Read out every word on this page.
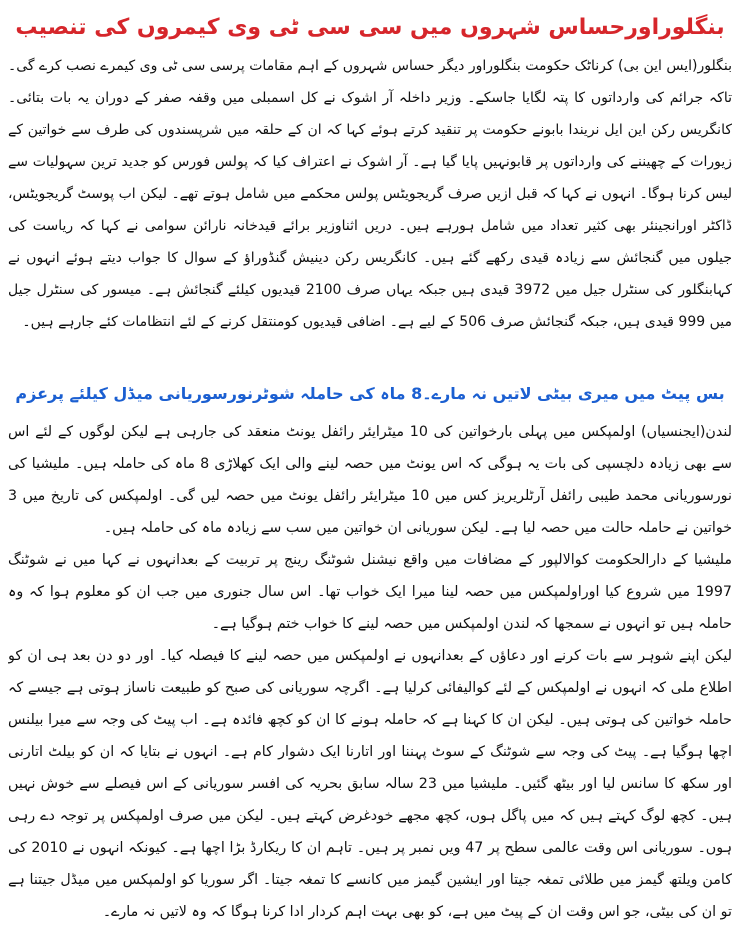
بنگلوراورحساس شہروں میں سی سی ٹی وی کیمروں کی تنصیب

بنگلور(ایس این بی) کرناٹک حکومت بنگلوراور دیگر حساس شہروں کے اہم مقامات پرسی سی ٹی وی کیمرے نصب کرے گی۔ تاکہ جرائم کی وارداتوں کا پتہ لگایا جاسکے۔ وزیر داخلہ آر اشوک نے کل اسمبلی میں وقفہ صفر کے دوران یہ بات بتائی۔ کانگریس رکن این ایل نریندا بابونے حکومت پر تنقید کرتے ہوئے کہا کہ ان کے حلقہ میں شرپسندوں کی طرف سے خواتین کے زیورات کے چھیننے کی وارداتوں پر قابونہیں پایا گیا ہے۔ آر اشوک نے اعتراف کیا کہ پولس فورس کو جدید ترین سہولیات سے لیس کرنا ہوگا۔ انہوں نے کہا کہ قبل ازیں صرف گریجویٹس پولس محکمے میں شامل ہوتے تھے۔ لیکن اب پوسٹ گریجویٹس، ڈاکٹر اورانجینئر بھی کثیر تعداد میں شامل ہورہے ہیں۔ دریں اثناوزیر برائے قیدخانہ نارائن سوامی نے کہا کہ ریاست کی جیلوں میں گنجائش سے زیادہ قیدی رکھے گئے ہیں۔ کانگریس رکن دینیش گنڈوراؤ کے سوال کا جواب دیتے ہوئے انہوں نے کہابنگلور کی سنٹرل جیل میں 3972 قیدی ہیں جبکہ یہاں صرف 2100 قیدیوں کیلئے گنجائش ہے۔ میسور کی سنٹرل جیل میں 999 قیدی ہیں، جبکہ گنجائش صرف 506 کے لیے ہے۔ اضافی قیدیوں کومنتقل کرنے کے لئے انتظامات کئے جارہے ہیں۔

بس پیٹ میں میری بیٹی لاتیں نہ مارے۔8 ماہ کی حاملہ شوٹرنورسوریانی میڈل کیلئے پرعزم

لندن(ایجنسیاں) اولمپکس میں پہلی بارخواتین کی 10 میٹرایئر رائفل یونٹ منعقد کی جارہی ہے لیکن لوگوں کے لئے اس سے بھی زیادہ دلچسپی کی بات یہ ہوگی کہ اس یونٹ میں حصہ لینے والی ایک کھلاڑی 8 ماہ کی حاملہ ہیں۔ ملیشیا کی نورسوریانی محمد طیبی رائفل آرٹلریریز کس میں 10 میٹرایئر رائفل یونٹ میں حصہ لیں گی۔ اولمپکس کی تاریخ میں 3 خواتین نے حاملہ حالت میں حصہ لیا ہے۔ لیکن سوریانی ان خواتین میں سب سے زیادہ ماہ کی حاملہ ہیں۔

ملیشیا کے دارالحکومت کوالالپور کے مضافات میں واقع نیشنل شوٹنگ رینج پر تربیت کے بعدانہوں نے کہا میں نے شوٹنگ 1997 میں شروع کیا اوراولمپکس میں حصہ لینا میرا ایک خواب تھا۔ اس سال جنوری میں جب ان کو معلوم ہوا کہ وہ حاملہ ہیں تو انہوں نے سمجھا کہ لندن اولمپکس میں حصہ لینے کا خواب ختم ہوگیا ہے۔

لیکن اپنے شوہر سے بات کرنے اور دعاؤں کے بعدانہوں نے اولمپکس میں حصہ لینے کا فیصلہ کیا۔ اور دو دن بعد ہی ان کو اطلاع ملی کہ انہوں نے اولمپکس کے لئے کوالیفائی کرلیا ہے۔ اگرچہ سوریانی کی صبح کو طبیعت ناساز ہوتی ہے جیسے کہ حاملہ خواتین کی ہوتی ہیں۔ لیکن ان کا کہنا ہے کہ حاملہ ہونے کا ان کو کچھ فائدہ ہے۔ اب پیٹ کی وجہ سے میرا بیلنس اچھا ہوگیا ہے۔ پیٹ کی وجہ سے شوٹنگ کے سوٹ پہننا اور اتارنا ایک دشوار کام ہے۔ انہوں نے بتایا کہ ان کو بیلٹ اتارنی اور سکھ کا سانس لیا اور بیٹھ گئیں۔ ملیشیا میں 23 سالہ سابق بحریہ کی افسر سوریانی کے اس فیصلے سے خوش نہیں ہیں۔ کچھ لوگ کہتے ہیں کہ میں پاگل ہوں، کچھ مجھے خودغرض کہتے ہیں۔ لیکن میں صرف اولمپکس پر توجہ دے رہی ہوں۔ سوریانی اس وقت عالمی سطح پر 47 ویں نمبر پر ہیں۔ تاہم ان کا ریکارڈ بڑا اچھا ہے۔ کیونکہ انہوں نے 2010 کی کامن ویلتھ گیمز میں طلائی تمغہ جیتا اور ایشین گیمز میں کانسے کا تمغہ جیتا۔ اگر سوریا کو اولمپکس میں میڈل جیتنا ہے تو ان کی بیٹی، جو اس وقت ان کے پیٹ میں ہے، کو بھی بہت اہم کردار ادا کرنا ہوگا کہ وہ لاتیں نہ مارے۔
